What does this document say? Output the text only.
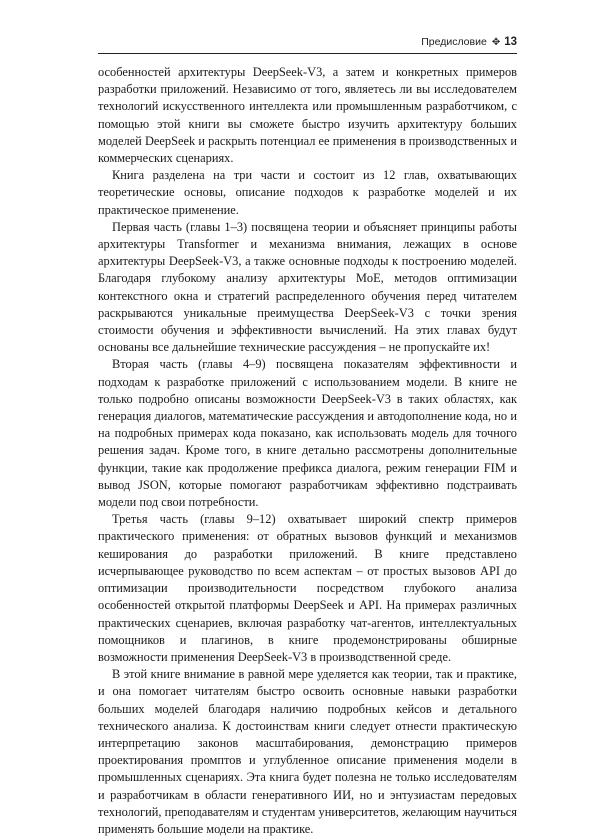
Предисловие ✥ 13

особенностей архитектуры DeepSeek-V3, а затем и конкретных примеров разработки приложений. Независимо от того, являетесь ли вы исследователем технологий искусственного интеллекта или промышленным разработчиком, с помощью этой книги вы сможете быстро изучить архитектуру больших моделей DeepSeek и раскрыть потенциал ее применения в производственных и коммерческих сценариях.

Книга разделена на три части и состоит из 12 глав, охватывающих теоретические основы, описание подходов к разработке моделей и их практическое применение.

Первая часть (главы 1–3) посвящена теории и объясняет принципы работы архитектуры Transformer и механизма внимания, лежащих в основе архитектуры DeepSeek-V3, а также основные подходы к построению моделей. Благодаря глубокому анализу архитектуры MoE, методов оптимизации контекстного окна и стратегий распределенного обучения перед читателем раскрываются уникальные преимущества DeepSeek-V3 с точки зрения стоимости обучения и эффективности вычислений. На этих главах будут основаны все дальнейшие технические рассуждения – не пропускайте их!

Вторая часть (главы 4–9) посвящена показателям эффективности и подходам к разработке приложений с использованием модели. В книге не только подробно описаны возможности DeepSeek-V3 в таких областях, как генерация диалогов, математические рассуждения и автодополнение кода, но и на подробных примерах кода показано, как использовать модель для точного решения задач. Кроме того, в книге детально рассмотрены дополнительные функции, такие как продолжение префикса диалога, режим генерации FIM и вывод JSON, которые помогают разработчикам эффективно подстраивать модели под свои потребности.

Третья часть (главы 9–12) охватывает широкий спектр примеров практического применения: от обратных вызовов функций и механизмов кеширования до разработки приложений. В книге представлено исчерпывающее руководство по всем аспектам – от простых вызовов API до оптимизации производительности посредством глубокого анализа особенностей открытой платформы DeepSeek и API. На примерах различных практических сценариев, включая разработку чат-агентов, интеллектуальных помощников и плагинов, в книге продемонстрированы обширные возможности применения DeepSeek-V3 в производственной среде.

В этой книге внимание в равной мере уделяется как теории, так и практике, и она помогает читателям быстро освоить основные навыки разработки больших моделей благодаря наличию подробных кейсов и детального технического анализа. К достоинствам книги следует отнести практическую интерпретацию законов масштабирования, демонстрацию примеров проектирования промптов и углубленное описание применения модели в промышленных сценариях. Эта книга будет полезна не только исследователям и разработчикам в области генеративного ИИ, но и энтузиастам передовых технологий, преподавателям и студентам университетов, желающим научиться применять большие модели на практике.
